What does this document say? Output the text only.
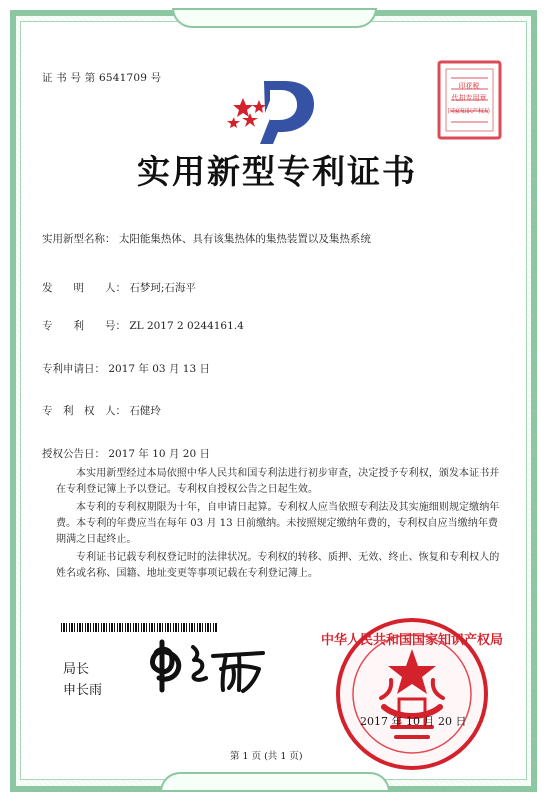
证 书 号 第 6541709 号
印花税
代扣专用章
国家知识产权局
实用新型专利证书
实用新型名称： 太阳能集热体、具有该集热体的集热装置以及集热系统
发　　明　　人： 石梦珂;石海平
专　　利　　号： ZL 2017 2 0244161.4
专利申请日： 2017 年 03 月 13 日
专　利　权　人： 石健玲
授权公告日： 2017 年 10 月 20 日

本实用新型经过本局依照中华人民共和国专利法进行初步审查，决定授予专利权，颁发本证书并在专利登记簿上予以登记。专利权自授权公告之日起生效。

本专利的专利权期限为十年，自申请日起算。专利权人应当依照专利法及其实施细则规定缴纳年费。本专利的年费应当在每年 03 月 13 日前缴纳。未按照规定缴纳年费的，专利权自应当缴纳年费期满之日起终止。

专利证书记载专利权登记时的法律状况。专利权的转移、质押、无效、终止、恢复和专利权人的姓名或名称、国籍、地址变更等事项记载在专利登记簿上。

局长
申长雨
中华人民共和国国家知识产权局
2017 年 10 月 20 日
第 1 页 (共 1 页)
